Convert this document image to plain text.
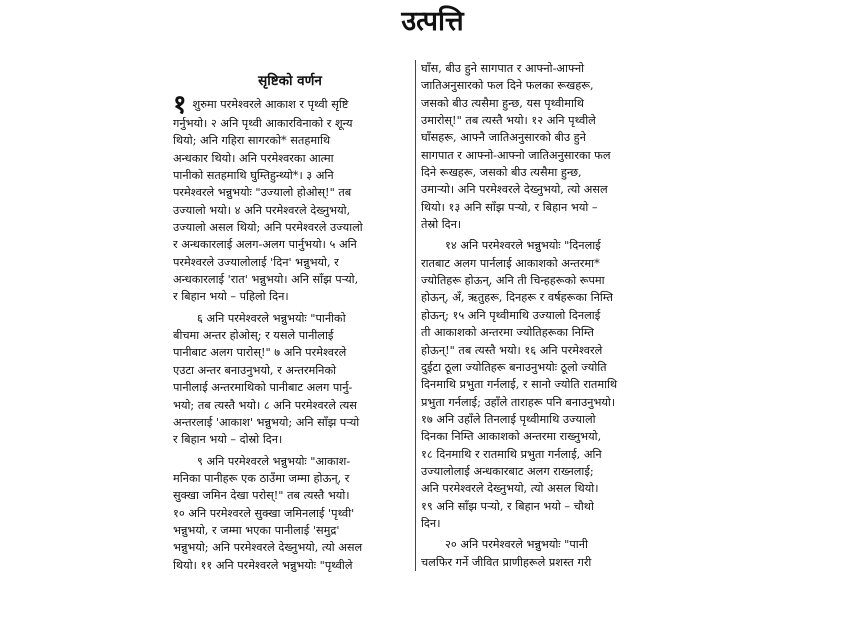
उत्पत्ति
सृष्टिको वर्णन

१ शुरुमा परमेश्वरले आकाश र पृथ्वी सृष्टि
गर्नुभयो। २ अनि पृथ्वी आकारविनाको र शून्य
थियो; अनि गहिरा सागरको* सतहमाथि
अन्धकार थियो। अनि परमेश्वरका आत्मा
पानीको सतहमाथि घुम्तिहुन्थ्यो*। ३ अनि
परमेश्वरले भन्नुभयोः "उज्यालो होओस्!" तब
उज्यालो भयो। ४ अनि परमेश्वरले देख्नुभयो,
उज्यालो असल थियो; अनि परमेश्वरले उज्यालो
र अन्धकारलाई अलग-अलग पार्नुभयो। ५ अनि
परमेश्वरले उज्यालोलाई 'दिन' भन्नुभयो, र
अन्धकारलाई 'रात' भन्नुभयो। अनि साँझ पऱ्यो,
र बिहान भयो – पहिलो दिन।

६ अनि परमेश्वरले भन्नुभयोः "पानीको
बीचमा अन्तर होओस्; र यसले पानीलाई
पानीबाट अलग पारोस्!" ७ अनि परमेश्वरले
एउटा अन्तर बनाउनुभयो, र अन्तरमनिको
पानीलाई अन्तरमाथिको पानीबाट अलग पार्नु-
भयो; तब त्यस्तै भयो। ८ अनि परमेश्वरले त्यस
अन्तरलाई 'आकाश' भन्नुभयो; अनि साँझ पऱ्यो
र बिहान भयो – दोस्रो दिन।

९ अनि परमेश्वरले भन्नुभयोः "आकाश-
मनिका पानीहरू एक ठाउँमा जम्मा होऊन्, र
सुक्खा जमिन देखा परोस्!" तब त्यस्तै भयो।
१० अनि परमेश्वरले सुक्खा जमिनलाई 'पृथ्वी'
भन्नुभयो, र जम्मा भएका पानीलाई 'समुद्र'
भन्नुभयो; अनि परमेश्वरले देख्नुभयो, त्यो असल
थियो। ११ अनि परमेश्वरले भन्नुभयोः "पृथ्वीले

घाँस, बीउ हुने सागपात र आफ्नो-आफ्नो
जातिअनुसारको फल दिने फलका रूखहरू,
जसको बीउ त्यसैमा हुन्छ, यस पृथ्वीमाथि
उमारोस्!" तब त्यस्तै भयो। १२ अनि पृथ्वीले
घाँसहरू, आफ्नै जातिअनुसारको बीउ हुने
सागपात र आफ्नो-आफ्नो जातिअनुसारका फल
दिने रूखहरू, जसको बीउ त्यसैमा हुन्छ,
उमाऱ्यो। अनि परमेश्वरले देख्नुभयो, त्यो असल
थियो। १३ अनि साँझ पऱ्यो, र बिहान भयो –
तेस्रो दिन।

१४ अनि परमेश्वरले भन्नुभयोः "दिनलाई
रातबाट अलग पार्नलाई आकाशको अन्तरमा*
ज्योतिहरू होऊन्, अनि ती चिन्हहरूको रूपमा
होऊन्, अँ, ऋतुहरू, दिनहरू र वर्षहरूका निम्ति
होऊन्; १५ अनि पृथ्वीमाथि उज्यालो दिनलाई
ती आकाशको अन्तरमा ज्योतिहरूका निम्ति
होऊन्!" तब त्यस्तै भयो। १६ अनि परमेश्वरले
दुईटा ठूला ज्योतिहरू बनाउनुभयोः ठूलो ज्योति
दिनमाथि प्रभुता गर्नलाई, र सानो ज्योति रातमाथि
प्रभुता गर्नलाई; उहाँले ताराहरू पनि बनाउनुभयो।
१७ अनि उहाँले तिनलाई पृथ्वीमाथि उज्यालो
दिनका निम्ति आकाशको अन्तरमा राख्नुभयो,
१८ दिनमाथि र रातमाथि प्रभुता गर्नलाई, अनि
उज्यालोलाई अन्धकारबाट अलग राख्नलाई;
अनि परमेश्वरले देख्नुभयो, त्यो असल थियो।
१९ अनि साँझ पऱ्यो, र बिहान भयो – चौथो
दिन।

२० अनि परमेश्वरले भन्नुभयोः "पानी
चलफिर गर्ने जीवित प्राणीहरूले प्रशस्त गरी
